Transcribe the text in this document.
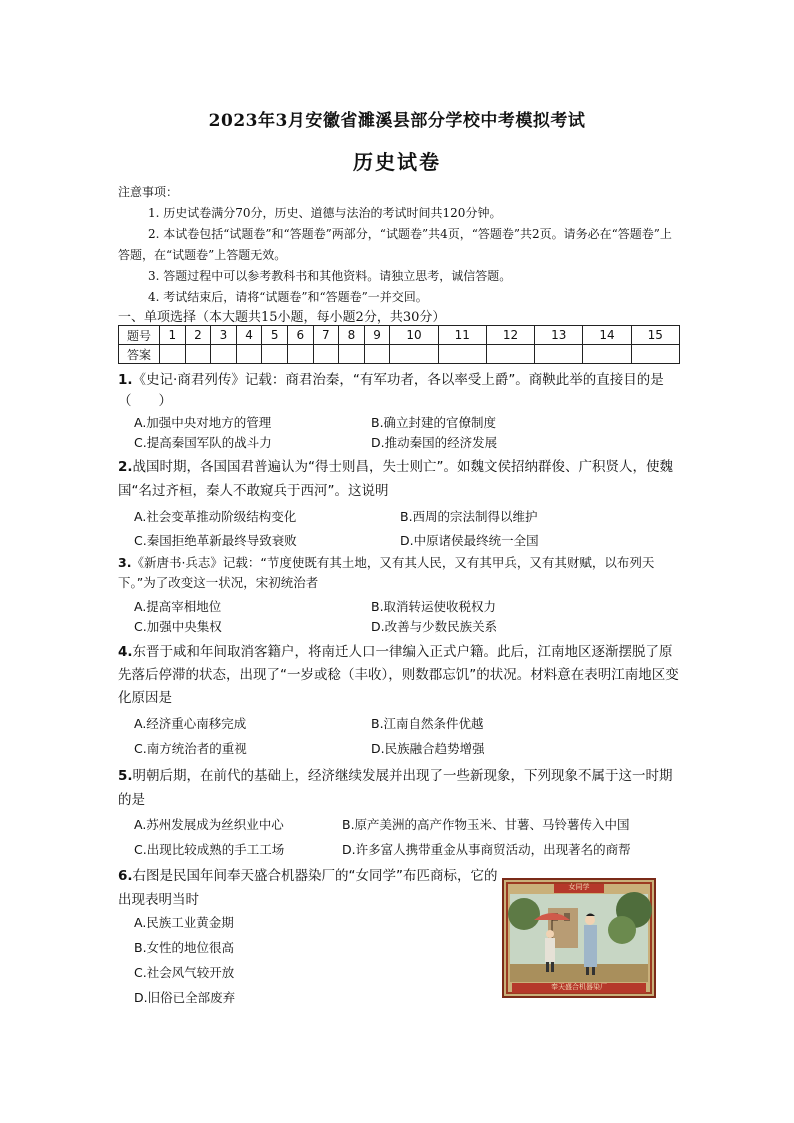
2023年3月安徽省濉溪县部分学校中考模拟考试
历史试卷
注意事项：
1. 历史试卷满分70分，历史、道德与法治的考试时间共120分钟。
2. 本试卷包括“试题卷”和“答题卷”两部分，“试题卷”共4页，“答题卷”共2页。请务必在“答题卷”上答题，在“试题卷”上答题无效。
3. 答题过程中可以参考教科书和其他资料。请独立思考，诚信答题。
4. 考试结束后，请将“试题卷”和“答题卷”一并交回。
一、单项选择（本大题共15小题，每小题2分，共30分）
题号	1	2	3	4	5	6	7	8	9	10	11	12	13	14	15
答案															
1.《史记·商君列传》记载：商君治秦，“有军功者，各以率受上爵”。商鞅此举的直接目的是（　　）
A.加强中央对地方的管理	B.确立封建的官僚制度
C.提高秦国军队的战斗力	D.推动秦国的经济发展
2.战国时期，各国国君普遍认为“得士则昌，失士则亡”。如魏文侯招纳群俊、广积贤人，使魏国“名过齐桓，秦人不敢窥兵于西河”。这说明
A.社会变革推动阶级结构变化	B.西周的宗法制得以维护
C.秦国拒绝革新最终导致衰败	D.中原诸侯最终统一全国
3.《新唐书·兵志》记载：“节度使既有其土地，又有其人民，又有其甲兵，又有其财赋，以布列天下。”为了改变这一状况，宋初统治者
A.提高宰相地位	B.取消转运使收税权力
C.加强中央集权	D.改善与少数民族关系
4.东晋于咸和年间取消客籍户，将南迁人口一律编入正式户籍。此后，江南地区逐渐摆脱了原先落后停滞的状态，出现了“一岁或稔（丰收），则数郡忘饥”的状况。材料意在表明江南地区变化原因是
A.经济重心南移完成	B.江南自然条件优越
C.南方统治者的重视	D.民族融合趋势增强
5.明朝后期，在前代的基础上，经济继续发展并出现了一些新现象，下列现象不属于这一时期的是
A.苏州发展成为丝织业中心	B.原产美洲的高产作物玉米、甘薯、马铃薯传入中国
C.出现比较成熟的手工工场	D.许多富人携带重金从事商贸活动，出现著名的商帮
6.右图是民国年间奉天盛合机器染厂的“女同学”布匹商标，它的出现表明当时
A.民族工业黄金期
B.女性的地位很高
C.社会风气较开放
D.旧俗已全部废弃
女同学
奉天盛合机器染厂
